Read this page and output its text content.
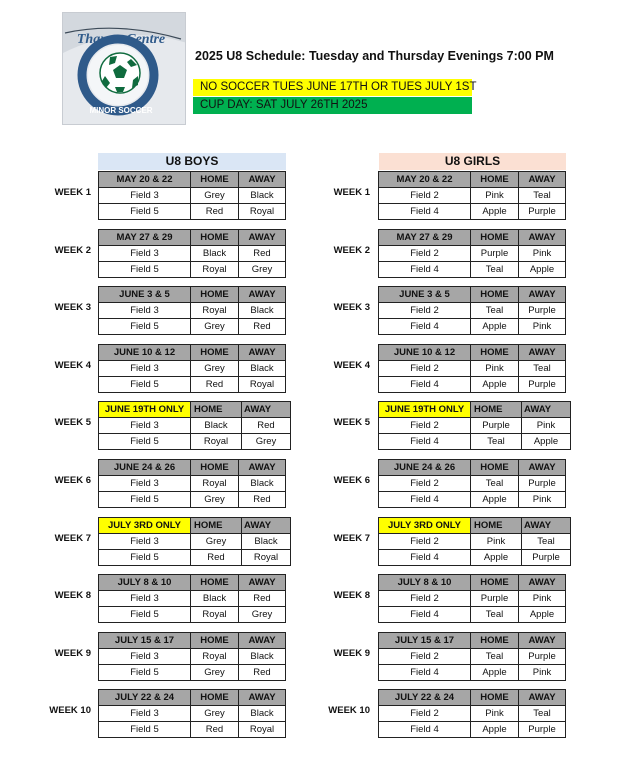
Thames Centre
MINOR SOCCER
2025 U8 Schedule: Tuesday and Thursday Evenings 7:00 PM
NO SOCCER TUES JUNE 17TH OR TUES JULY 1ST
CUP DAY: SAT JULY 26TH 2025
U8 BOYS	U8 GIRLS
WEEK 1
MAY 20 & 22	HOME	AWAY
Field 3	Grey	Black
Field 5	Red	Royal
WEEK 2
MAY 27 & 29	HOME	AWAY
Field 3	Black	Red
Field 5	Royal	Grey
WEEK 3
JUNE 3 & 5	HOME	AWAY
Field 3	Royal	Black
Field 5	Grey	Red
WEEK 4
JUNE 10 & 12	HOME	AWAY
Field 3	Grey	Black
Field 5	Red	Royal
WEEK 5
JUNE 19TH ONLY	HOME	AWAY
Field 3	Black	Red
Field 5	Royal	Grey
WEEK 6
JUNE 24 & 26	HOME	AWAY
Field 3	Royal	Black
Field 5	Grey	Red
WEEK 7
JULY 3RD ONLY	HOME	AWAY
Field 3	Grey	Black
Field 5	Red	Royal
WEEK 8
JULY 8 & 10	HOME	AWAY
Field 3	Black	Red
Field 5	Royal	Grey
WEEK 9
JULY 15 & 17	HOME	AWAY
Field 3	Royal	Black
Field 5	Grey	Red
WEEK 10
JULY 22 & 24	HOME	AWAY
Field 3	Grey	Black
Field 5	Red	Royal
WEEK 1
MAY 20 & 22	HOME	AWAY
Field 2	Pink	Teal
Field 4	Apple	Purple
WEEK 2
MAY 27 & 29	HOME	AWAY
Field 2	Purple	Pink
Field 4	Teal	Apple
WEEK 3
JUNE 3 & 5	HOME	AWAY
Field 2	Teal	Purple
Field 4	Apple	Pink
WEEK 4
JUNE 10 & 12	HOME	AWAY
Field 2	Pink	Teal
Field 4	Apple	Purple
WEEK 5
JUNE 19TH ONLY	HOME	AWAY
Field 2	Purple	Pink
Field 4	Teal	Apple
WEEK 6
JUNE 24 & 26	HOME	AWAY
Field 2	Teal	Purple
Field 4	Apple	Pink
WEEK 7
JULY 3RD ONLY	HOME	AWAY
Field 2	Pink	Teal
Field 4	Apple	Purple
WEEK 8
JULY 8 & 10	HOME	AWAY
Field 2	Purple	Pink
Field 4	Teal	Apple
WEEK 9
JULY 15 & 17	HOME	AWAY
Field 2	Teal	Purple
Field 4	Apple	Pink
WEEK 10
JULY 22 & 24	HOME	AWAY
Field 2	Pink	Teal
Field 4	Apple	Purple
